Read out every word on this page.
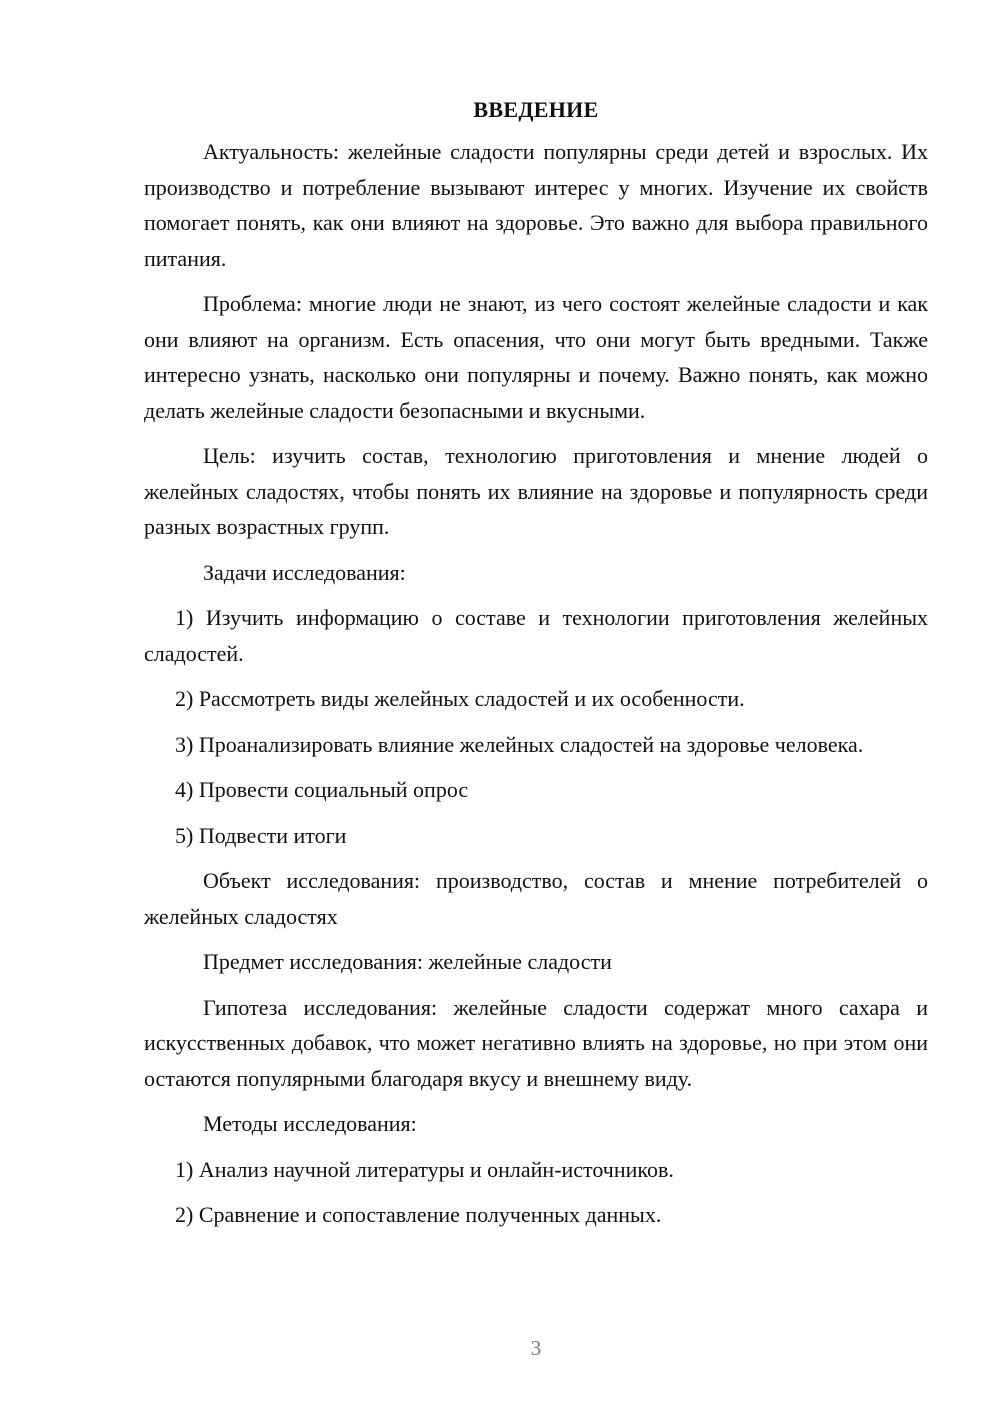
ВВЕДЕНИЕ

Актуальность: желейные сладости популярны среди детей и взрослых. Их производство и потребление вызывают интерес у многих. Изучение их свойств помогает понять, как они влияют на здоровье. Это важно для выбора правильного питания.

Проблема: многие люди не знают, из чего состоят желейные сладости и как они влияют на организм. Есть опасения, что они могут быть вредными. Также интересно узнать, насколько они популярны и почему. Важно понять, как можно делать желейные сладости безопасными и вкусными.

Цель: изучить состав, технологию приготовления и мнение людей о желейных сладостях, чтобы понять их влияние на здоровье и популярность среди разных возрастных групп.

Задачи исследования:

1) Изучить информацию о составе и технологии приготовления желейных сладостей.

2) Рассмотреть виды желейных сладостей и их особенности.

3) Проанализировать влияние желейных сладостей на здоровье человека.

4) Провести социальный опрос

5) Подвести итоги

Объект исследования: производство, состав и мнение потребителей о желейных сладостях

Предмет исследования: желейные сладости

Гипотеза исследования: желейные сладости содержат много сахара и искусственных добавок, что может негативно влиять на здоровье, но при этом они остаются популярными благодаря вкусу и внешнему виду.

Методы исследования:

1) Анализ научной литературы и онлайн-источников.

2) Сравнение и сопоставление полученных данных.

3
